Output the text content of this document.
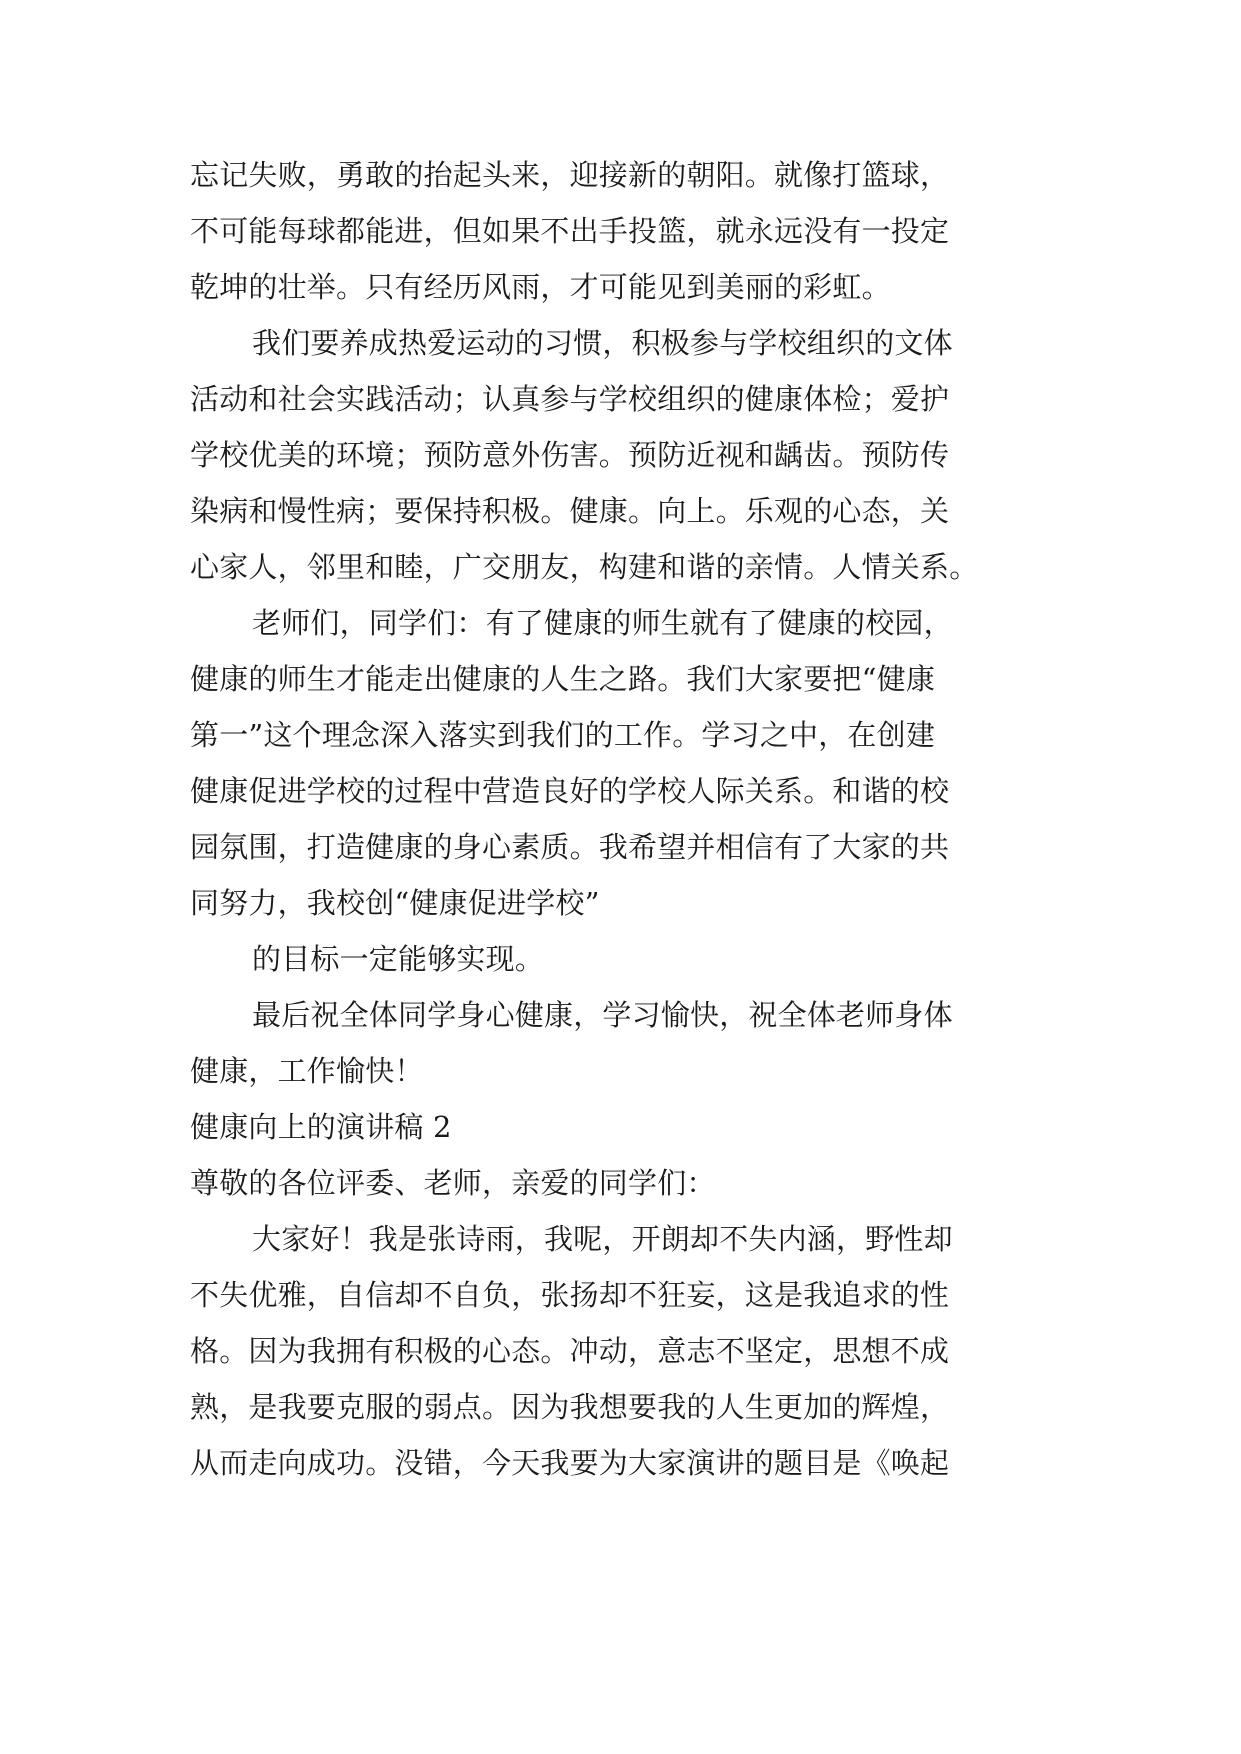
忘记失败，勇敢的抬起头来，迎接新的朝阳。就像打篮球，
不可能每球都能进，但如果不出手投篮，就永远没有一投定
乾坤的壮举。只有经历风雨，才可能见到美丽的彩虹。
我们要养成热爱运动的习惯，积极参与学校组织的文体
活动和社会实践活动；认真参与学校组织的健康体检；爱护
学校优美的环境；预防意外伤害。预防近视和龋齿。预防传
染病和慢性病；要保持积极。健康。向上。乐观的心态，关
心家人，邻里和睦，广交朋友，构建和谐的亲情。人情关系。
老师们，同学们：有了健康的师生就有了健康的校园，
健康的师生才能走出健康的人生之路。我们大家要把“健康
第一”这个理念深入落实到我们的工作。学习之中，在创建
健康促进学校的过程中营造良好的学校人际关系。和谐的校
园氛围，打造健康的身心素质。我希望并相信有了大家的共
同努力，我校创“健康促进学校”
的目标一定能够实现。
最后祝全体同学身心健康，学习愉快，祝全体老师身体
健康，工作愉快！
健康向上的演讲稿 2
尊敬的各位评委、老师，亲爱的同学们：
大家好！我是张诗雨，我呢，开朗却不失内涵，野性却
不失优雅，自信却不自负，张扬却不狂妄，这是我追求的性
格。因为我拥有积极的心态。冲动，意志不坚定，思想不成
熟，是我要克服的弱点。因为我想要我的人生更加的辉煌，
从而走向成功。没错，今天我要为大家演讲的题目是《唤起
